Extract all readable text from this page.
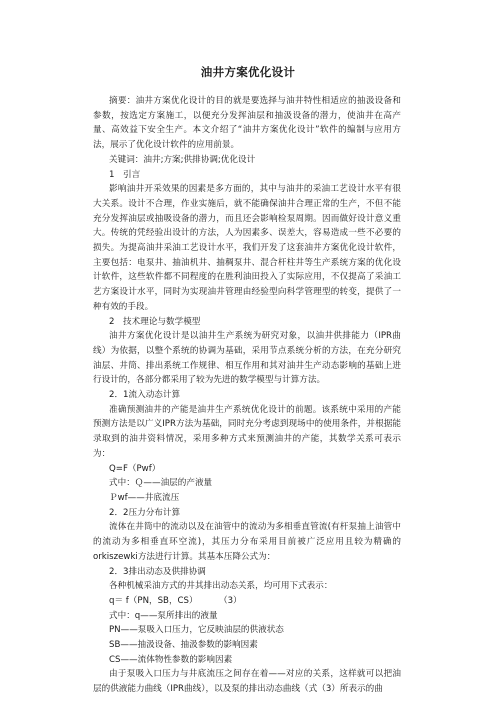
油井方案优化设计

摘要：油井方案优化设计的目的就是要选择与油井特性相适应的抽汲设备和参数，按选定方案施工，以便充分发挥油层和抽汲设备的潜力，使油井在高产量、高效益下安全生产。本文介绍了“油井方案优化设计”软件的编制与应用方法，展示了优化设计软件的应用前景。

关键词：油井;方案;供排协调;优化设计

1　引言

影响油井开采效果的因素是多方面的，其中与油井的采油工艺设计水平有很大关系。设计不合理，作业实施后，就不能确保油井合理正常的生产，不但不能充分发挥油层或抽吸设备的潜力，而且还会影响检泵周期。因而做好设计意义重大。传统的凭经验出设计的方法，人为因素多、误差大，容易造成一些不必要的损失。为提高油井采油工艺设计水平，我们开发了这套油井方案优化设计软件，主要包括：电泵井、抽油机井、抽稠泵井、混合杆柱井等生产系统方案的优化设计软件，这些软件都不同程度的在胜利油田投入了实际应用，不仅提高了采油工艺方案设计水平，同时为实现油井管理由经验型向科学管理型的转变，提供了一种有效的手段。

2　技术理论与数学模型

油井方案优化设计是以油井生产系统为研究对象，以油井供排能力（IPR曲线）为依据，以整个系统的协调为基础，采用节点系统分析的方法，在充分研究油层、井筒、排出系统工作规律、相互作用和其对油井生产动态影响的基础上进行设计的，各部分都采用了较为先进的数学模型与计算方法。

2．1流入动态计算

准确预测油井的产能是油井生产系统优化设计的前题。该系统中采用的产能预测方法是以广义IPR方法为基础，同时充分考虑到现场中的使用条件，并根据能录取到的油井资料情况，采用多种方式来预测油井的产能，其数学关系可表示为：

Q=F（Pwf）

式中：Ｑ——油层的产液量

Ｐwf——井底流压

2．2压力分布计算

流体在井筒中的流动以及在油管中的流动为多相垂直管流(有杆泵抽上油管中的流动为多相垂直环空流)，其压力分布采用目前被广泛应用且较为精确的orkiszewki方法进行计算。其基本压降公式为：

2．3排出动态及供排协调

各种机械采油方式的井其排出动态关系，均可用下式表示：

q＝ f（PN，SB，CS） （3）

式中：q——泵所排出的液量

PN——泵吸入口压力，它反映油层的供液状态

SB——抽汲设备、抽汲参数的影响因素

CS——流体物性参数的影响因素

由于泵吸入口压力与井底流压之间存在着——对应的关系，这样就可以把油层的供液能力曲线（IPR曲线），以及泵的排出动态曲线（式（3）所表示的曲
